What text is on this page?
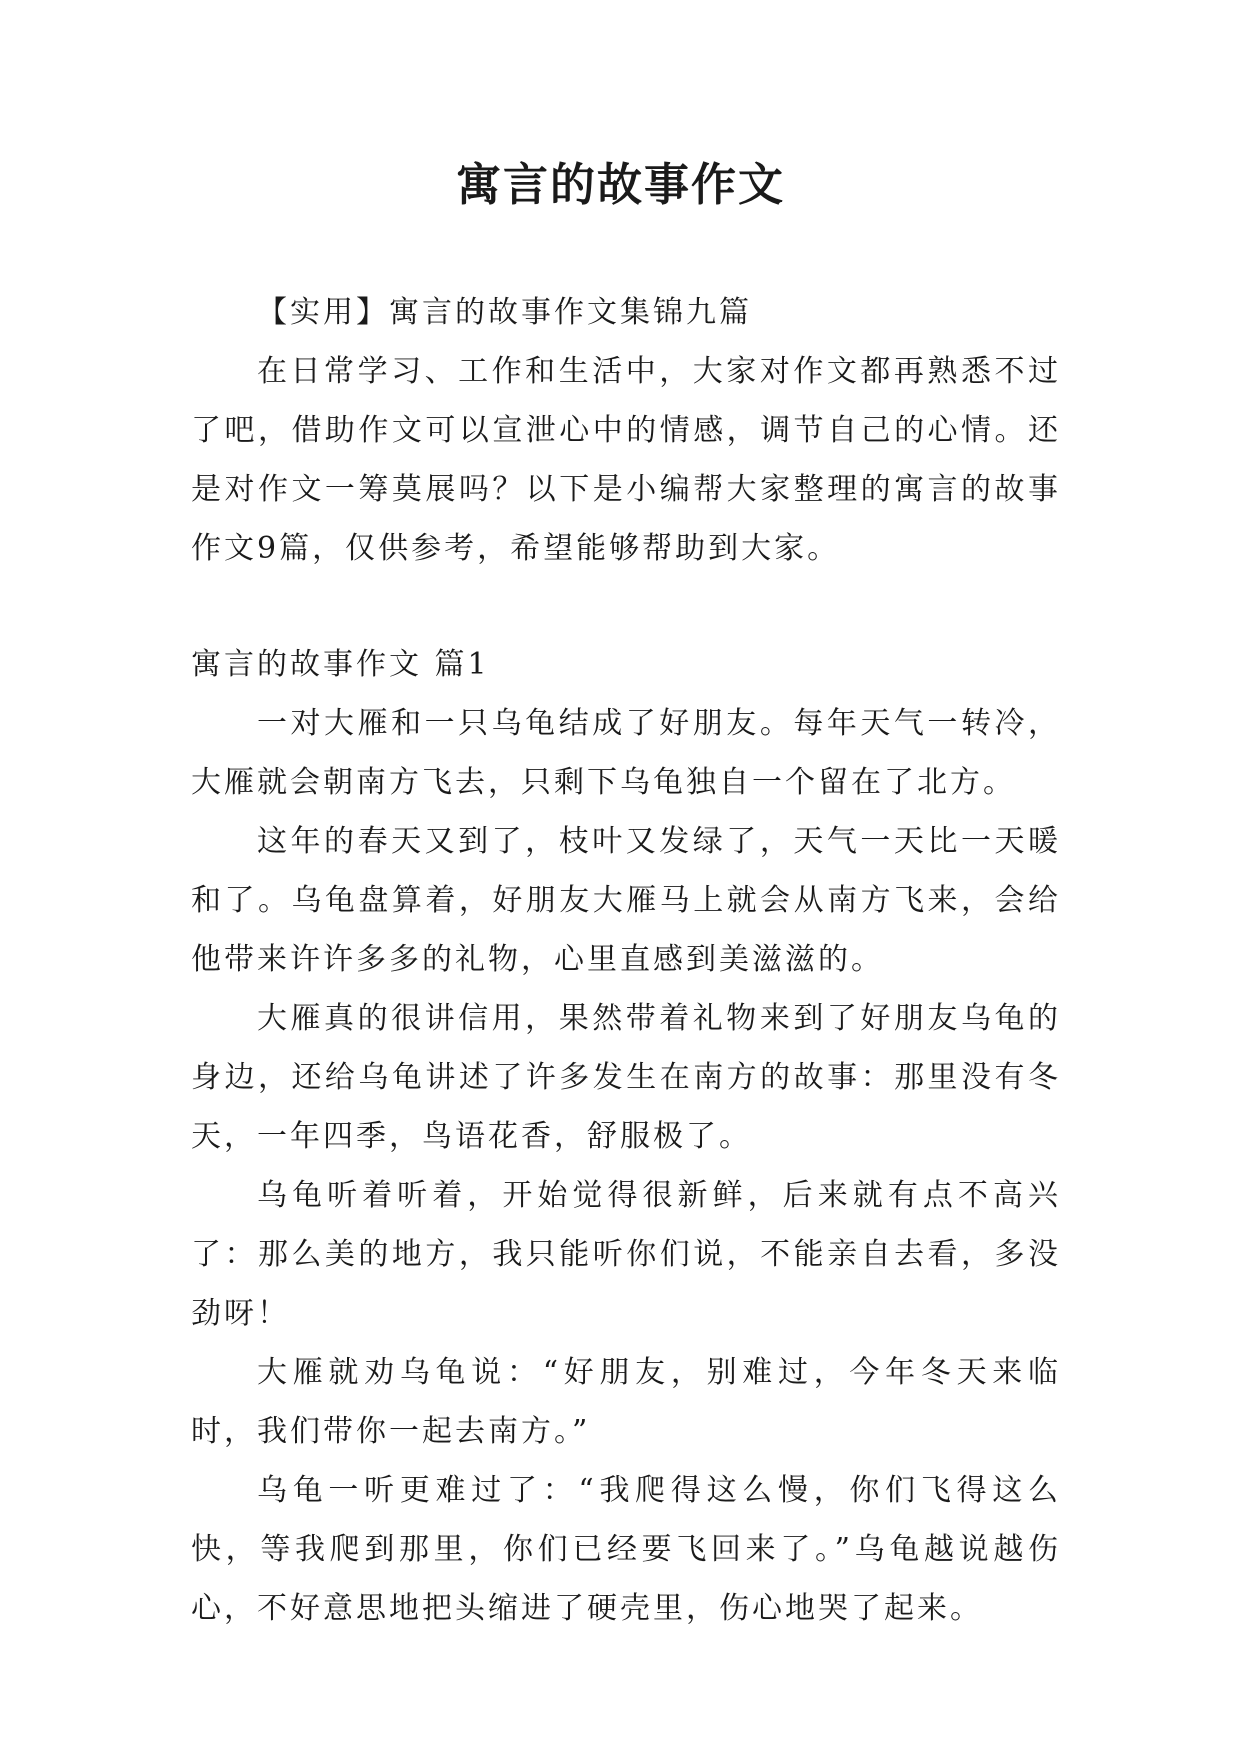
寓言的故事作文

【实用】寓言的故事作文集锦九篇

在日常学习、工作和生活中，大家对作文都再熟悉不过了吧，借助作文可以宣泄心中的情感，调节自己的心情。还是对作文一筹莫展吗？以下是小编帮大家整理的寓言的故事作文9篇，仅供参考，希望能够帮助到大家。

寓言的故事作文 篇1

一对大雁和一只乌龟结成了好朋友。每年天气一转冷，大雁就会朝南方飞去，只剩下乌龟独自一个留在了北方。

这年的春天又到了，枝叶又发绿了，天气一天比一天暖和了。乌龟盘算着，好朋友大雁马上就会从南方飞来，会给他带来许许多多的礼物，心里直感到美滋滋的。

大雁真的很讲信用，果然带着礼物来到了好朋友乌龟的身边，还给乌龟讲述了许多发生在南方的故事：那里没有冬天，一年四季，鸟语花香，舒服极了。

乌龟听着听着，开始觉得很新鲜，后来就有点不高兴了：那么美的地方，我只能听你们说，不能亲自去看，多没劲呀！

大雁就劝乌龟说：“好朋友，别难过，今年冬天来临时，我们带你一起去南方。”

乌龟一听更难过了：“我爬得这么慢，你们飞得这么快，等我爬到那里，你们已经要飞回来了。”乌龟越说越伤心，不好意思地把头缩进了硬壳里，伤心地哭了起来。
